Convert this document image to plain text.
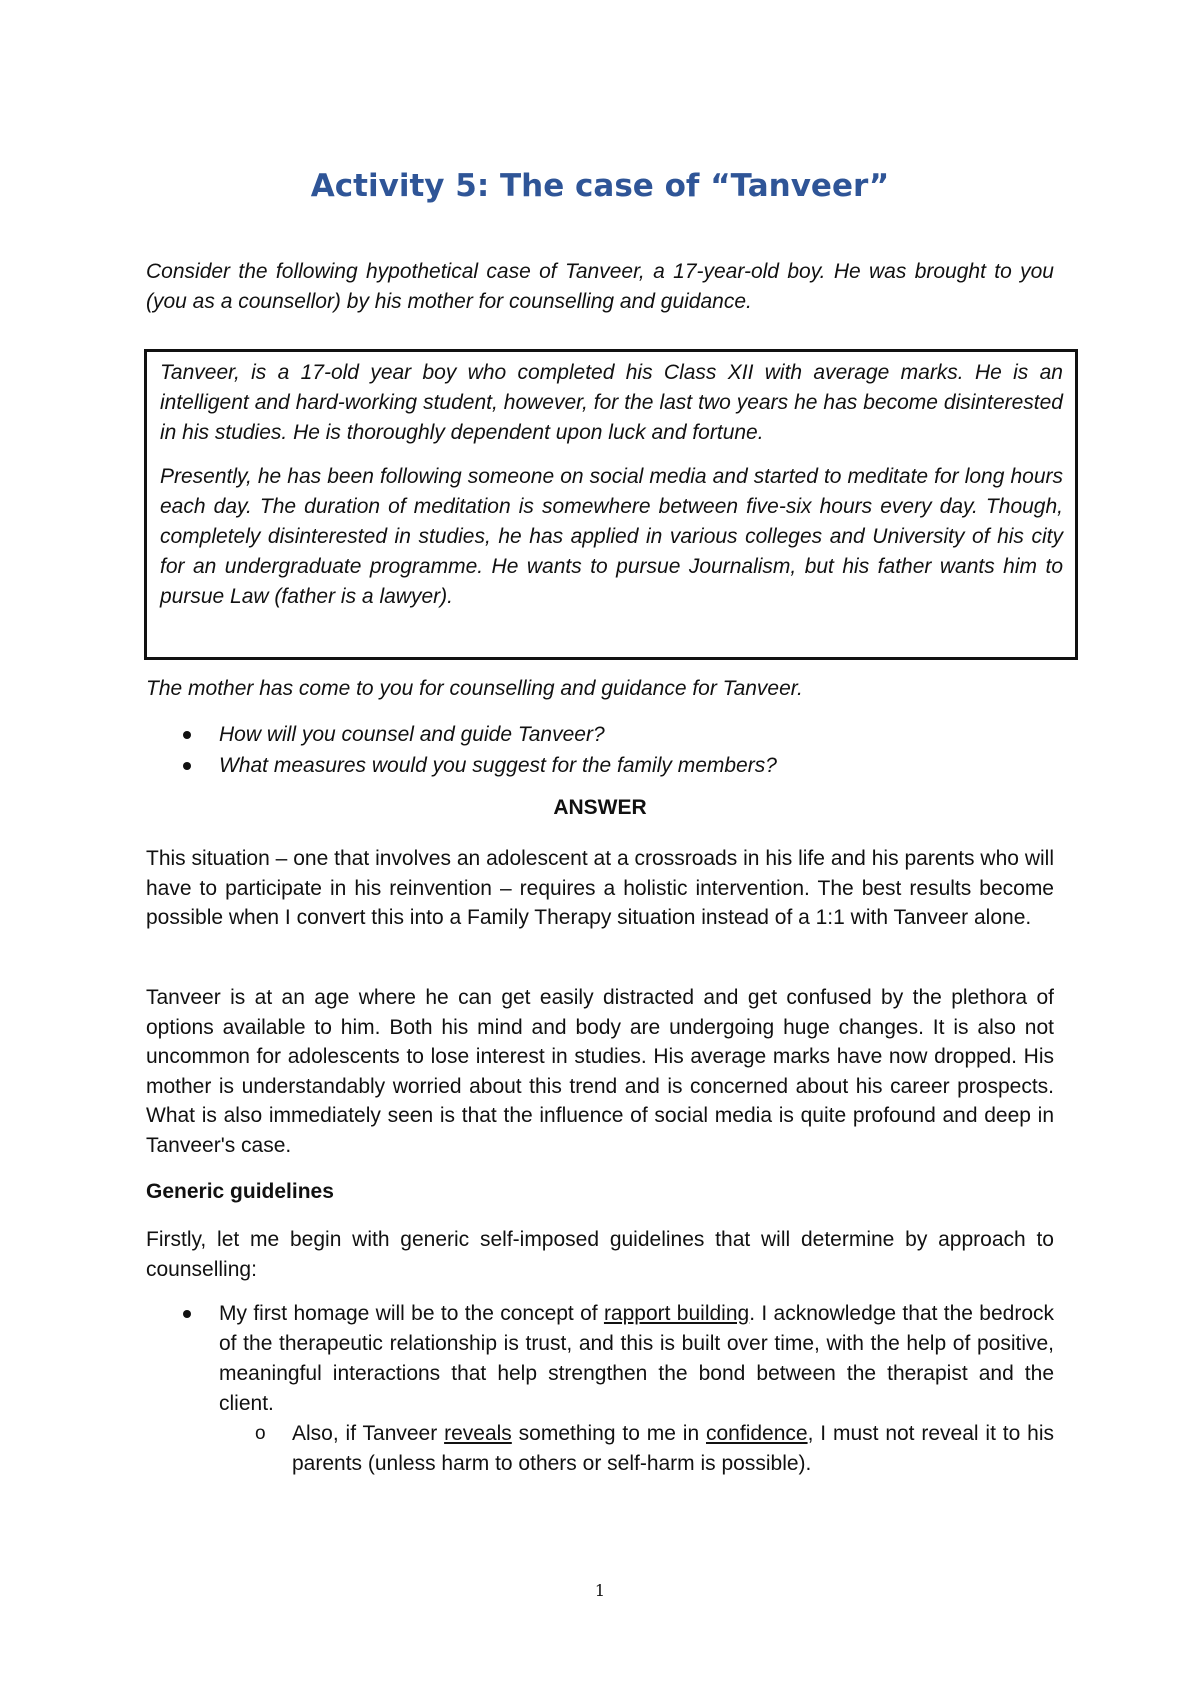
Activity 5: The case of “Tanveer”

Consider the following hypothetical case of Tanveer, a 17-year-old boy. He was brought to you (you as a counsellor) by his mother for counselling and guidance.

Tanveer, is a 17-old year boy who completed his Class XII with average marks. He is an intelligent and hard-working student, however, for the last two years he has become disinterested in his studies. He is thoroughly dependent upon luck and fortune.

Presently, he has been following someone on social media and started to meditate for long hours each day. The duration of meditation is somewhere between five-six hours every day. Though, completely disinterested in studies, he has applied in various colleges and University of his city for an undergraduate programme. He wants to pursue Journalism, but his father wants him to pursue Law (father is a lawyer).

The mother has come to you for counselling and guidance for Tanveer.

How will you counsel and guide Tanveer?
What measures would you suggest for the family members?
ANSWER

This situation – one that involves an adolescent at a crossroads in his life and his parents who will have to participate in his reinvention – requires a holistic intervention. The best results become possible when I convert this into a Family Therapy situation instead of a 1:1 with Tanveer alone.

Tanveer is at an age where he can get easily distracted and get confused by the plethora of options available to him. Both his mind and body are undergoing huge changes. It is also not uncommon for adolescents to lose interest in studies. His average marks have now dropped. His mother is understandably worried about this trend and is concerned about his career prospects. What is also immediately seen is that the influence of social media is quite profound and deep in Tanveer's case.

Generic guidelines

Firstly, let me begin with generic self-imposed guidelines that will determine by approach to counselling:

My first homage will be to the concept of rapport building. I acknowledge that the bedrock of the therapeutic relationship is trust, and this is built over time, with the help of positive, meaningful interactions that help strengthen the bond between the therapist and the client.
o Also, if Tanveer reveals something to me in confidence, I must not reveal it to his parents (unless harm to others or self-harm is possible).

1
